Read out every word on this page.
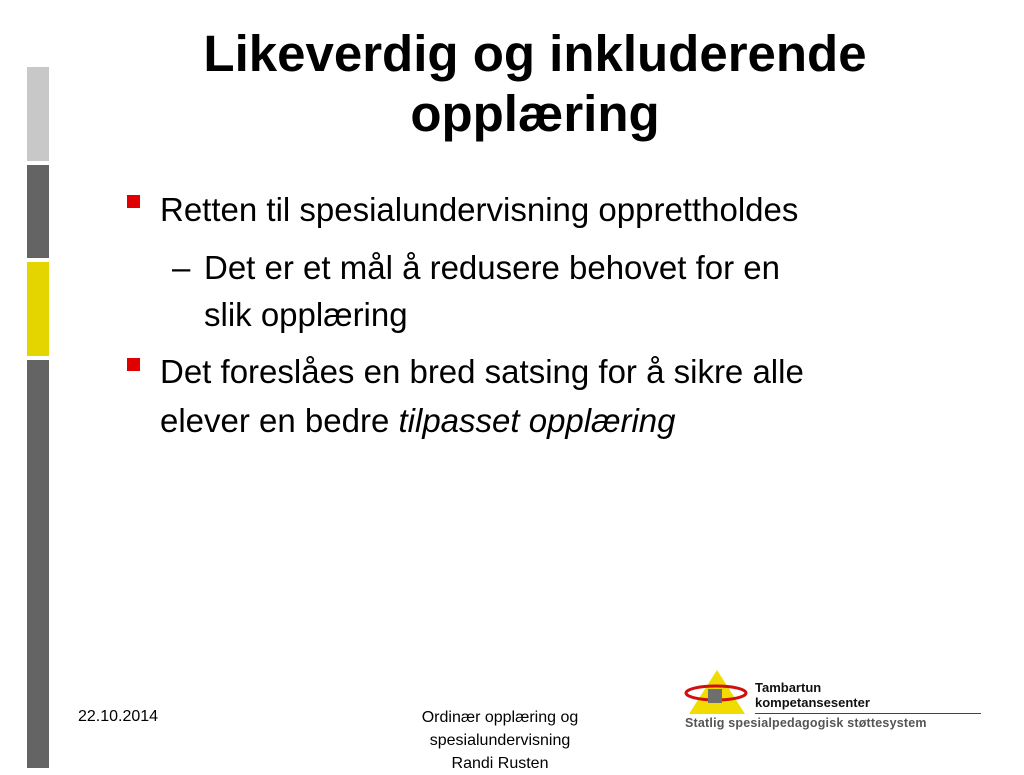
Likeverdig og inkluderende
opplæring
Retten til spesialundervisning opprettholdes
– Det er et mål å redusere behovet for en
slik opplæring
Det foreslåes en bred satsing for å sikre alle
elever en bedre tilpasset opplæring
22.10.2014	Ordinær opplæring og
spesialundervisning
Randi Rusten
Tambartun
kompetansesenter
Statlig spesialpedagogisk støttesystem
